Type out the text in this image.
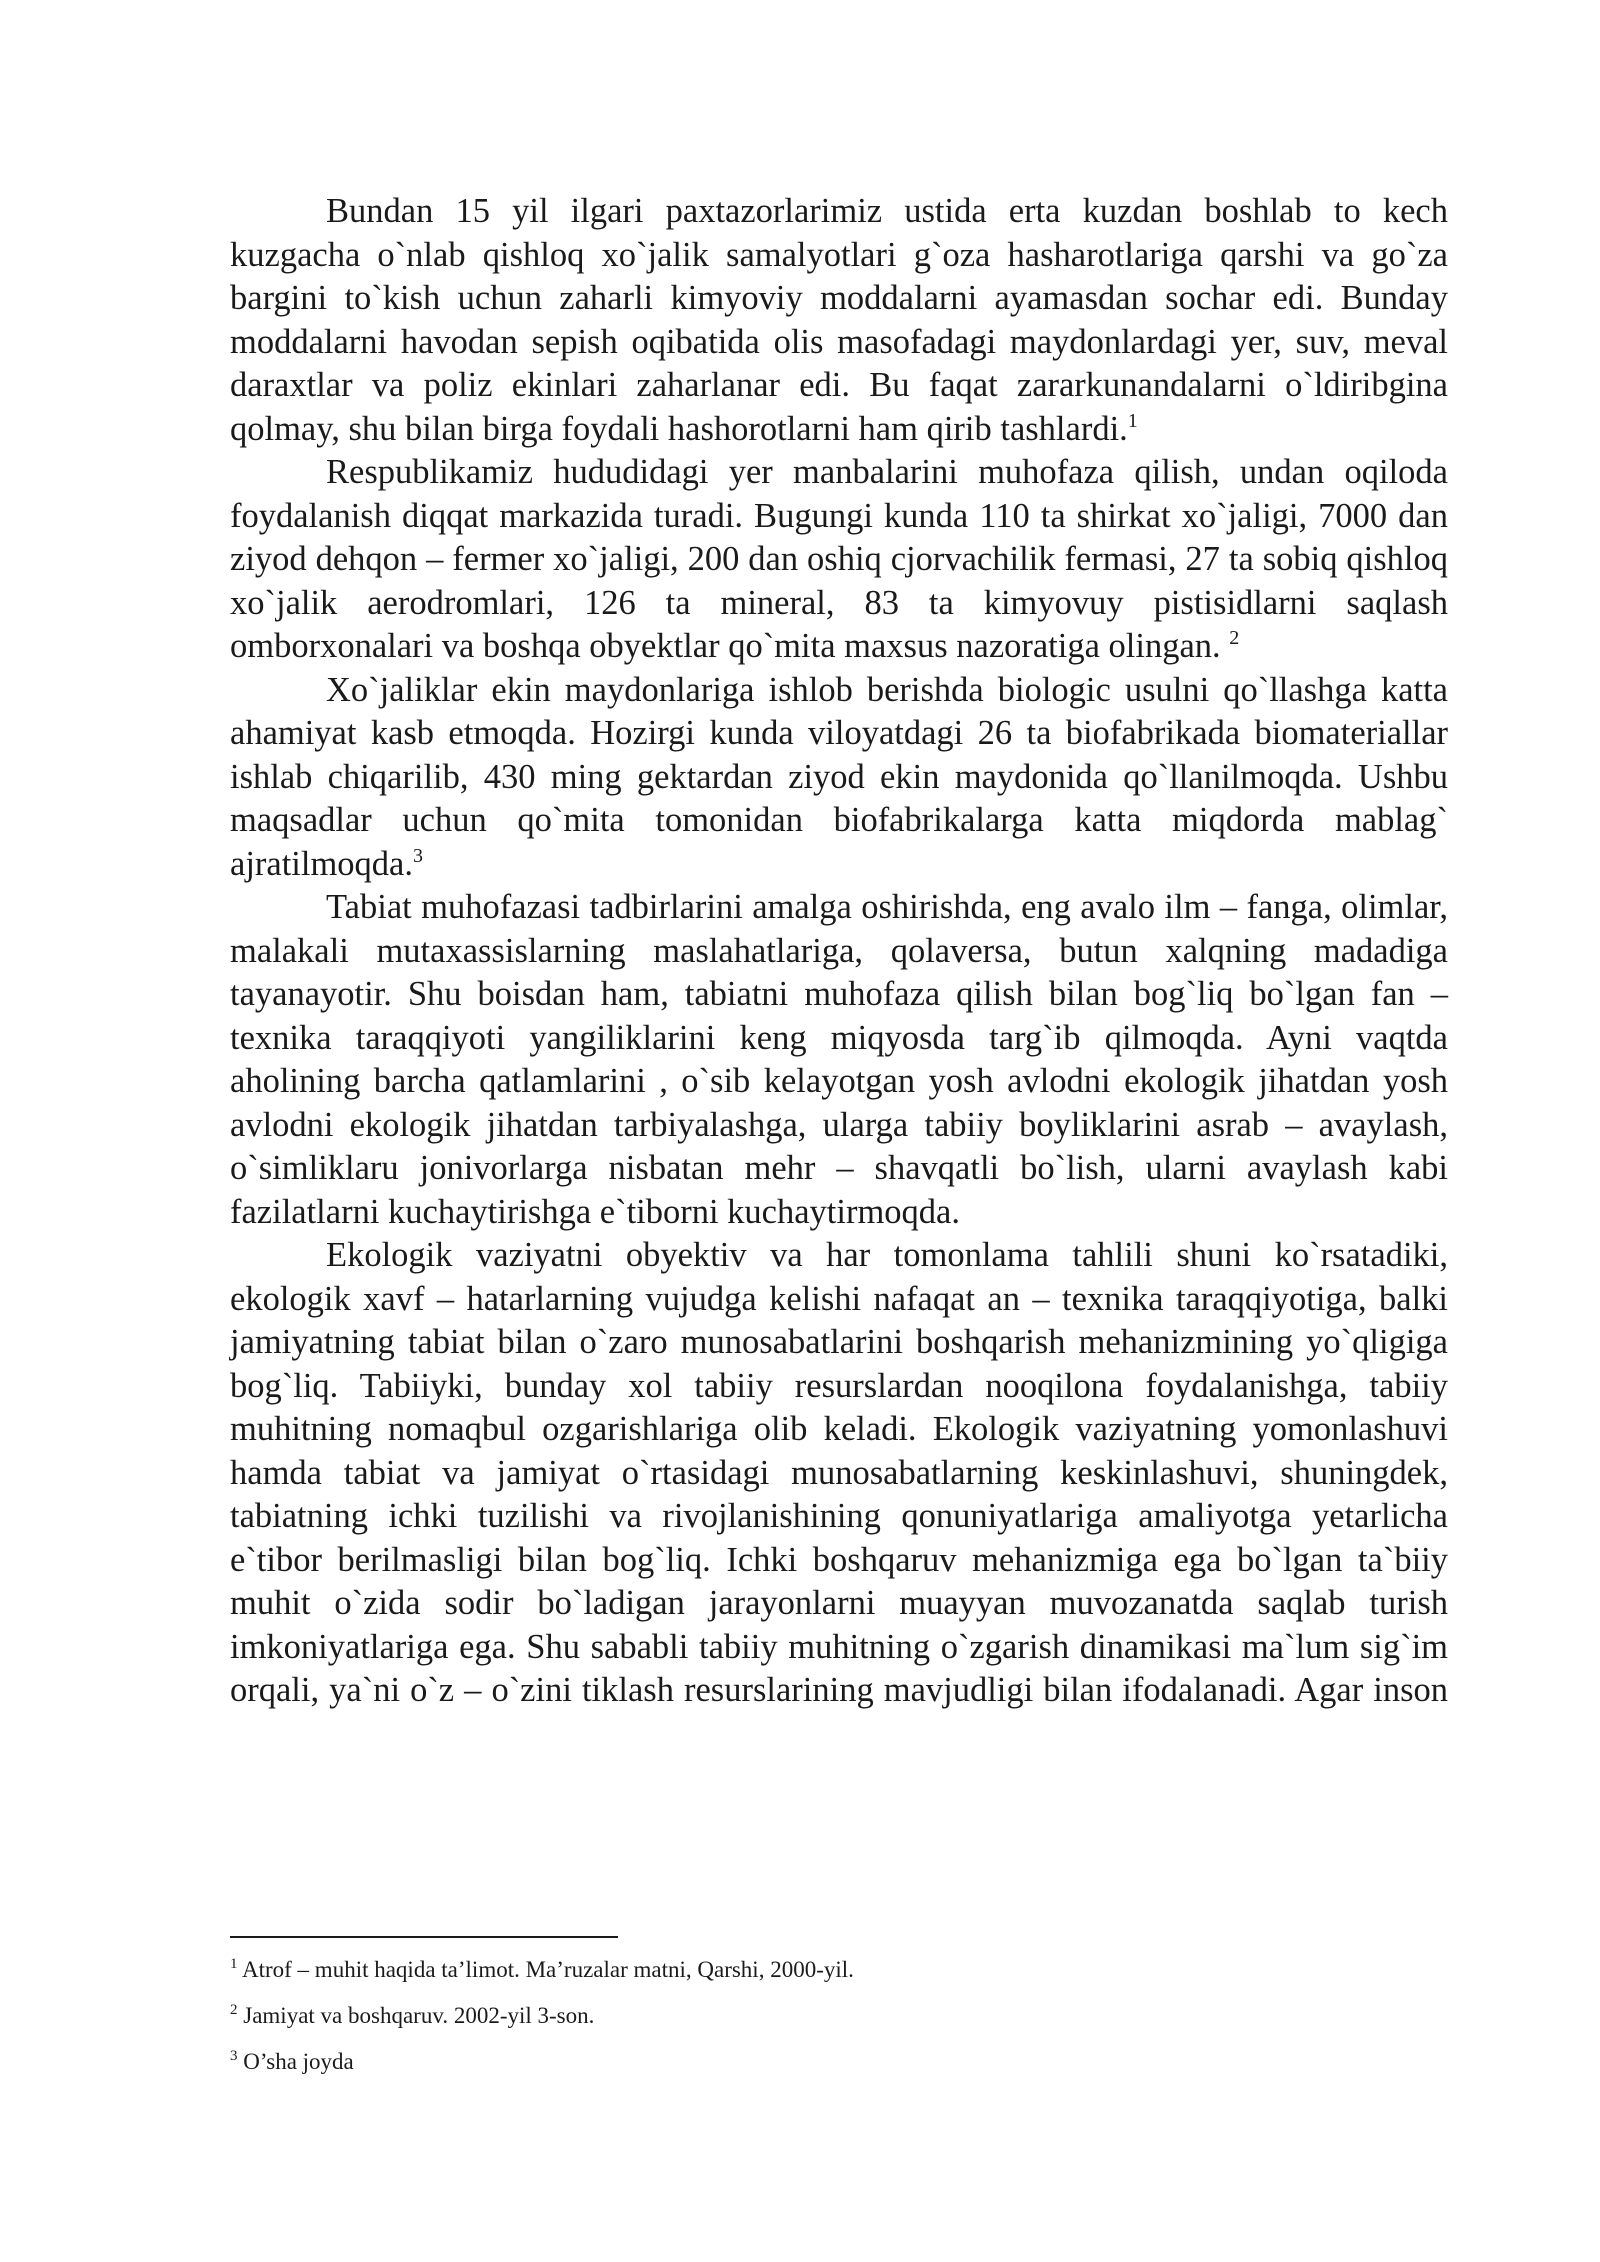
Bundan 15 yil ilgari paxtazorlarimiz ustida erta kuzdan boshlab to kech kuzgacha o`nlab qishloq xo`jalik samalyotlari g`oza hasharotlariga qarshi va go`za bargini to`kish uchun zaharli kimyoviy moddalarni ayamasdan sochar edi. Bunday moddalarni havodan sepish oqibatida olis masofadagi maydonlardagi yer, suv, meval daraxtlar va poliz ekinlari zaharlanar edi. Bu faqat zararkunandalarni o`ldiribgina qolmay, shu bilan birga foydali hashorotlarni ham qirib tashlardi.$^1$

Respublikamiz hududidagi yer manbalarini muhofaza qilish, undan oqiloda foydalanish diqqat markazida turadi. Bugungi kunda 110 ta shirkat xo`jaligi, 7000 dan ziyod dehqon – fermer xo`jaligi, 200 dan oshiq cjorvachilik fermasi, 27 ta sobiq qishloq xo`jalik aerodromlari, 126 ta mineral, 83 ta kimyovuy pistisidlarni saqlash omborxonalari va boshqa obyektlar qo`mita maxsus nazoratiga olingan. $^2$

Xo`jaliklar ekin maydonlariga ishlob berishda biologic usulni qo`llashga katta ahamiyat kasb etmoqda. Hozirgi kunda viloyatdagi 26 ta biofabrikada biomateriallar ishlab chiqarilib, 430 ming gektardan ziyod ekin maydonida qo`llanilmoqda. Ushbu maqsadlar uchun qo`mita tomonidan biofabrikalarga katta miqdorda mablag` ajratilmoqda.$^3$

Tabiat muhofazasi tadbirlarini amalga oshirishda, eng avalo ilm – fanga, olimlar, malakali mutaxassislarning maslahatlariga, qolaversa, butun xalqning madadiga tayanayotir. Shu boisdan ham, tabiatni muhofaza qilish bilan bog`liq bo`lgan fan – texnika taraqqiyoti yangiliklarini keng miqyosda targ`ib qilmoqda. Ayni vaqtda aholining barcha qatlamlarini , o`sib kelayotgan yosh avlodni ekologik jihatdan yosh avlodni ekologik jihatdan tarbiyalashga, ularga tabiiy boyliklarini asrab – avaylash, o`simliklaru jonivorlarga nisbatan mehr – shavqatli bo`lish, ularni avaylash kabi fazilatlarni kuchaytirishga e`tiborni kuchaytirmoqda.

Ekologik vaziyatni obyektiv va har tomonlama tahlili shuni ko`rsatadiki, ekologik xavf – hatarlarning vujudga kelishi nafaqat an – texnika taraqqiyotiga, balki jamiyatning tabiat bilan o`zaro munosabatlarini boshqarish mehanizmining yo`qligiga bog`liq. Tabiiyki, bunday xol tabiiy resurslardan nooqilona foydalanishga, tabiiy muhitning nomaqbul ozgarishlariga olib keladi. Ekologik vaziyatning yomonlashuvi hamda tabiat va jamiyat o`rtasidagi munosabatlarning keskinlashuvi, shuningdek, tabiatning ichki tuzilishi va rivojlanishining qonuniyatlariga amaliyotga yetarlicha e`tibor berilmasligi bilan bog`liq. Ichki boshqaruv mehanizmiga ega bo`lgan ta`biiy muhit o`zida sodir bo`ladigan jarayonlarni muayyan muvozanatda saqlab turish imkoniyatlariga ega. Shu sababli tabiiy muhitning o`zgarish dinamikasi ma`lum sig`im orqali, ya`ni o`z – o`zini tiklash resurslarining mavjudligi bilan ifodalanadi. Agar inson

$^1$ Atrof – muhit haqida ta’limot. Ma’ruzalar matni, Qarshi, 2000-yil.

$^2$ Jamiyat va boshqaruv. 2002-yil 3-son.

$^3$ O’sha joyda
